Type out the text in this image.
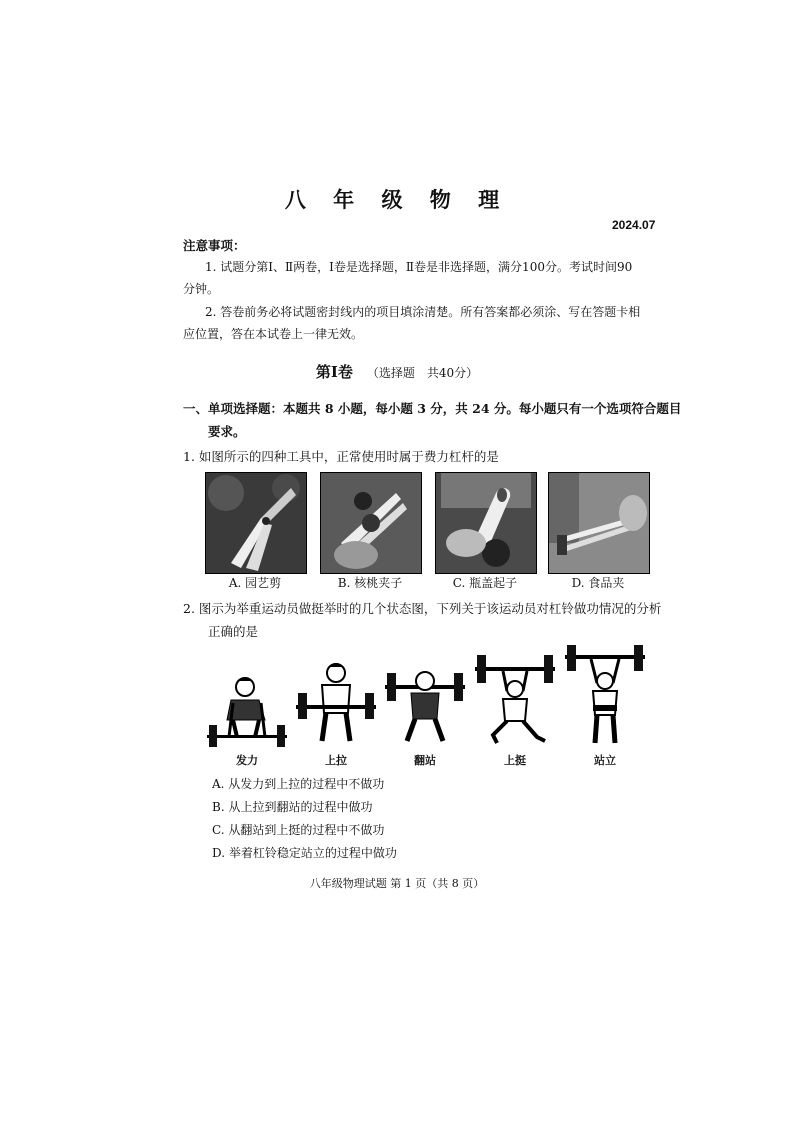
八 年 级 物 理
2024.07
注意事项：
1. 试题分第Ⅰ、Ⅱ两卷，Ⅰ卷是选择题，Ⅱ卷是非选择题，满分100分。考试时间90
分钟。
2. 答卷前务必将试题密封线内的项目填涂清楚。所有答案都必须涂、写在答题卡相
应位置，答在本试卷上一律无效。
第Ⅰ卷 （选择题　共40分）
一、单项选择题：本题共 8 小题，每小题 3 分，共 24 分。每小题只有一个选项符合题目
要求。
1. 如图所示的四种工具中，正常使用时属于费力杠杆的是
A. 园艺剪	B. 核桃夹子	C. 瓶盖起子	D. 食品夹
2. 图示为举重运动员做挺举时的几个状态图，下列关于该运动员对杠铃做功情况的分析
正确的是
发力	上拉	翻站	上挺	站立
A. 从发力到上拉的过程中不做功
B. 从上拉到翻站的过程中做功
C. 从翻站到上挺的过程中不做功
D. 举着杠铃稳定站立的过程中做功
八年级物理试题 第 1 页（共 8 页）
